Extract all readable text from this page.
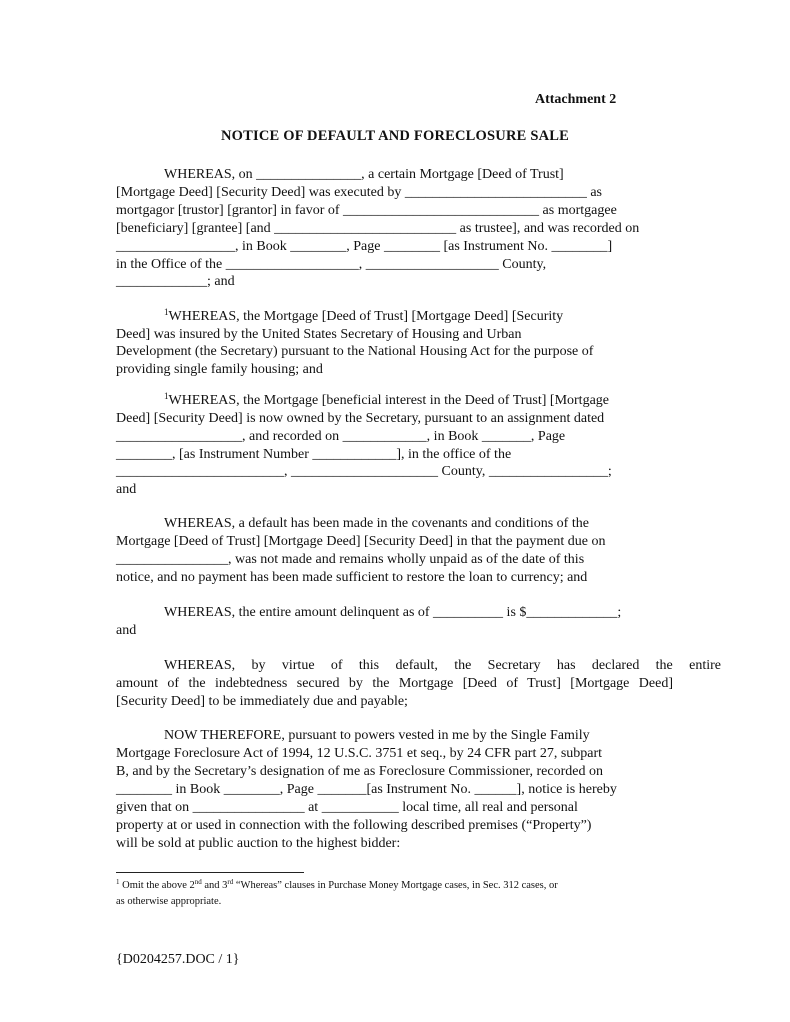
Attachment 2
NOTICE OF DEFAULT AND FORECLOSURE SALE
WHEREAS, on _______________, a certain Mortgage [Deed of Trust]
[Mortgage Deed] [Security Deed] was executed by __________________________ as
mortgagor [trustor] [grantor] in favor of ____________________________ as mortgagee
[beneficiary] [grantee] [and __________________________ as trustee], and was recorded on
_________________, in Book ________, Page ________ [as Instrument No. ________]
in the Office of the ___________________, ___________________ County,
_____________; and
$^1$WHEREAS, the Mortgage [Deed of Trust] [Mortgage Deed] [Security
Deed] was insured by the United States Secretary of Housing and Urban
Development (the Secretary) pursuant to the National Housing Act for the purpose of
providing single family housing; and
$^1$WHEREAS, the Mortgage [beneficial interest in the Deed of Trust] [Mortgage
Deed] [Security Deed] is now owned by the Secretary, pursuant to an assignment dated
__________________, and recorded on ____________, in Book _______, Page
________, [as Instrument Number ____________], in the office of the
________________________, _____________________ County, _________________;
and
WHEREAS, a default has been made in the covenants and conditions of the
Mortgage [Deed of Trust] [Mortgage Deed] [Security Deed] in that the payment due on
________________, was not made and remains wholly unpaid as of the date of this
notice, and no payment has been made sufficient to restore the loan to currency; and
WHEREAS, the entire amount delinquent as of __________ is $_____________;
and
WHEREAS, by virtue of this default, the Secretary has declared the entire
amount of the indebtedness secured by the Mortgage [Deed of Trust] [Mortgage Deed]
[Security Deed] to be immediately due and payable;
NOW THEREFORE, pursuant to powers vested in me by the Single Family
Mortgage Foreclosure Act of 1994, 12 U.S.C. 3751 et seq., by 24 CFR part 27, subpart
B, and by the Secretary’s designation of me as Foreclosure Commissioner, recorded on
________ in Book ________, Page _______[as Instrument No. ______], notice is hereby
given that on ________________ at ___________ local time, all real and personal
property at or used in connection with the following described premises (“Property”)
will be sold at public auction to the highest bidder:
$^1$ Omit the above 2nd and 3rd “Whereas” clauses in Purchase Money Mortgage cases, in Sec. 312 cases, or
as otherwise appropriate.
{D0204257.DOC / 1}
